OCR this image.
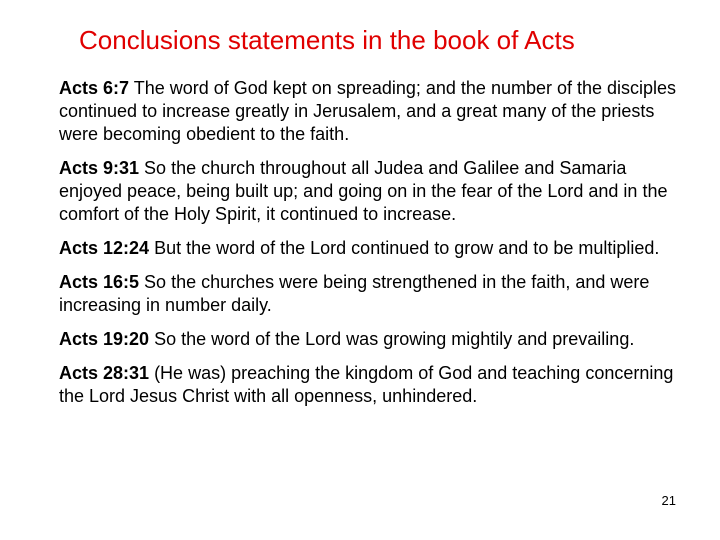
Conclusions statements in the book of Acts

Acts 6:7 The word of God kept on spreading; and the number of the disciples continued to increase greatly in Jerusalem, and a great many of the priests were becoming obedient to the faith.

Acts 9:31 So the church throughout all Judea and Galilee and Samaria enjoyed peace, being built up; and going on in the fear of the Lord and in the comfort of the Holy Spirit, it continued to increase.

Acts 12:24 But the word of the Lord continued to grow and to be multiplied.

Acts 16:5 So the churches were being strengthened in the faith, and were increasing in number daily.

Acts 19:20 So the word of the Lord was growing mightily and prevailing.

Acts 28:31 (He was) preaching the kingdom of God and teaching concerning the Lord Jesus Christ with all openness, unhindered.

21
